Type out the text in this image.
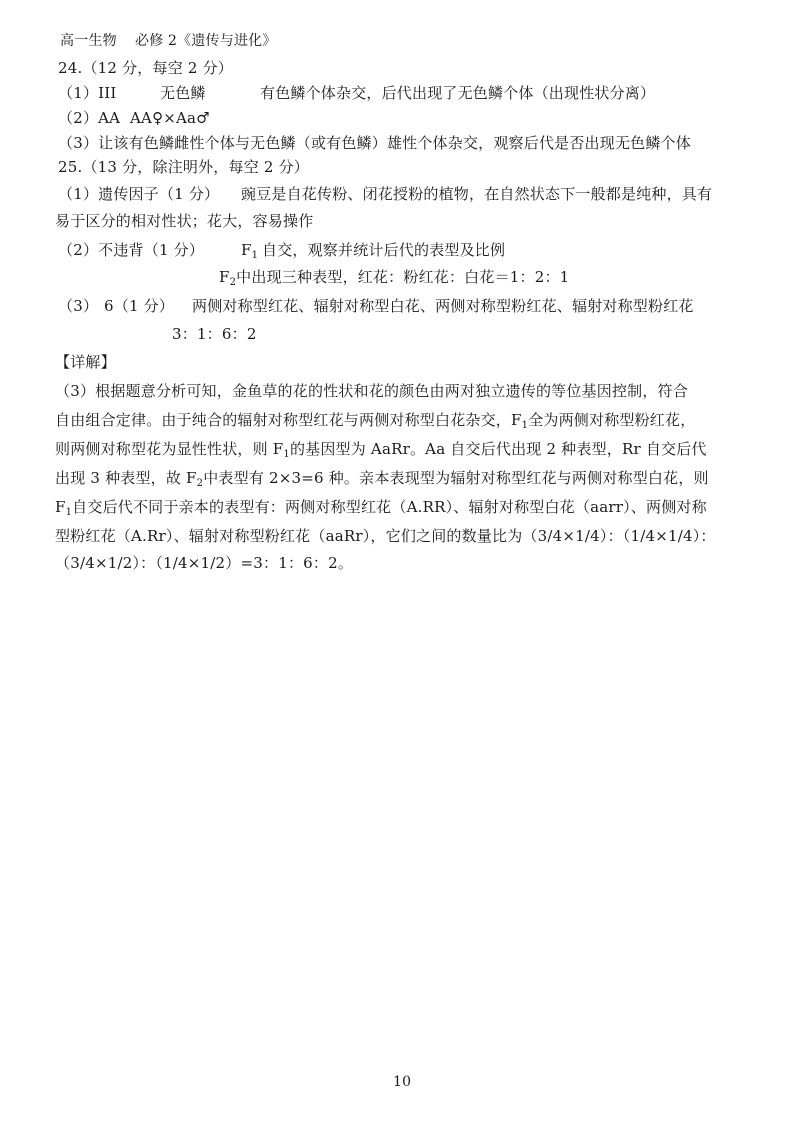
高一生物 必修 2《遗传与进化》
24.（12 分，每空 2 分）
（1）III	无色鳞	有色鳞个体杂交，后代出现了无色鳞个体（出现性状分离）
（2）AA AA♀×Aa♂
（3）让该有色鳞雌性个体与无色鳞（或有色鳞）雄性个体杂交，观察后代是否出现无色鳞个体
25.（13 分，除注明外，每空 2 分）
（1）遗传因子（1 分） 豌豆是自花传粉、闭花授粉的植物，在自然状态下一般都是纯种，具有
易于区分的相对性状；花大，容易操作
（2）不违背（1 分） $F_1$ 自交，观察并统计后代的表型及比例
$F_2$中出现三种表型，红花：粉红花：白花＝1：2：1
（3） 6（1 分） 两侧对称型红花、辐射对称型白花、两侧对称型粉红花、辐射对称型粉红花
3：1：6：2
【详解】
（3）根据题意分析可知，金鱼草的花的性状和花的颜色由两对独立遗传的等位基因控制，符合
自由组合定律。由于纯合的辐射对称型红花与两侧对称型白花杂交，$F_1$全为两侧对称型粉红花，
则两侧对称型花为显性性状，则 $F_1$的基因型为 AaRr。Aa 自交后代出现 2 种表型，Rr 自交后代
出现 3 种表型，故 $F_2$中表型有 2×3=6 种。亲本表现型为辐射对称型红花与两侧对称型白花，则
$F_1$自交后代不同于亲本的表型有：两侧对称型红花（A.RR）、辐射对称型白花（aarr）、两侧对称
型粉红花（A.Rr）、辐射对称型粉红花（aaRr），它们之间的数量比为（3/4×1/4）：（1/4×1/4）：
（3/4×1/2）：（1/4×1/2）=3：1：6：2。
10
